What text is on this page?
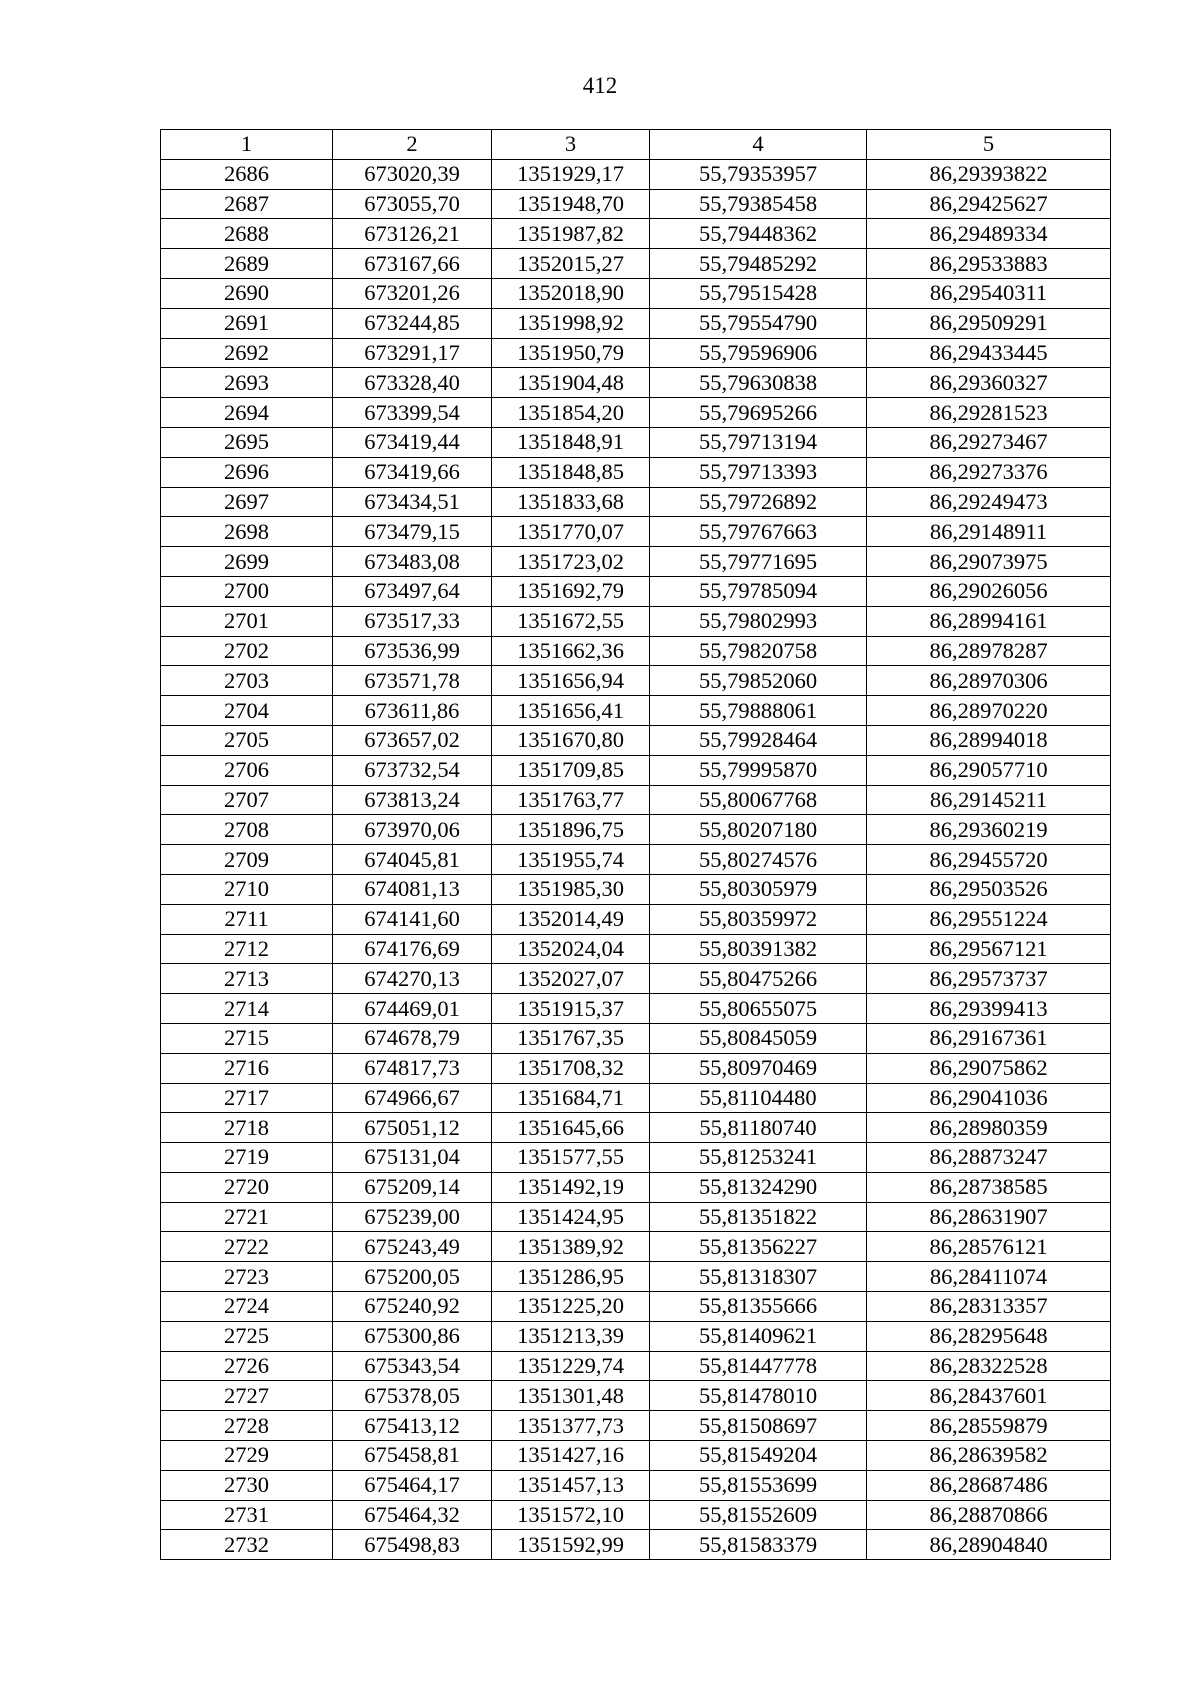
412
1	2	3	4	5
2686	673020,39	1351929,17	55,79353957	86,29393822
2687	673055,70	1351948,70	55,79385458	86,29425627
2688	673126,21	1351987,82	55,79448362	86,29489334
2689	673167,66	1352015,27	55,79485292	86,29533883
2690	673201,26	1352018,90	55,79515428	86,29540311
2691	673244,85	1351998,92	55,79554790	86,29509291
2692	673291,17	1351950,79	55,79596906	86,29433445
2693	673328,40	1351904,48	55,79630838	86,29360327
2694	673399,54	1351854,20	55,79695266	86,29281523
2695	673419,44	1351848,91	55,79713194	86,29273467
2696	673419,66	1351848,85	55,79713393	86,29273376
2697	673434,51	1351833,68	55,79726892	86,29249473
2698	673479,15	1351770,07	55,79767663	86,29148911
2699	673483,08	1351723,02	55,79771695	86,29073975
2700	673497,64	1351692,79	55,79785094	86,29026056
2701	673517,33	1351672,55	55,79802993	86,28994161
2702	673536,99	1351662,36	55,79820758	86,28978287
2703	673571,78	1351656,94	55,79852060	86,28970306
2704	673611,86	1351656,41	55,79888061	86,28970220
2705	673657,02	1351670,80	55,79928464	86,28994018
2706	673732,54	1351709,85	55,79995870	86,29057710
2707	673813,24	1351763,77	55,80067768	86,29145211
2708	673970,06	1351896,75	55,80207180	86,29360219
2709	674045,81	1351955,74	55,80274576	86,29455720
2710	674081,13	1351985,30	55,80305979	86,29503526
2711	674141,60	1352014,49	55,80359972	86,29551224
2712	674176,69	1352024,04	55,80391382	86,29567121
2713	674270,13	1352027,07	55,80475266	86,29573737
2714	674469,01	1351915,37	55,80655075	86,29399413
2715	674678,79	1351767,35	55,80845059	86,29167361
2716	674817,73	1351708,32	55,80970469	86,29075862
2717	674966,67	1351684,71	55,81104480	86,29041036
2718	675051,12	1351645,66	55,81180740	86,28980359
2719	675131,04	1351577,55	55,81253241	86,28873247
2720	675209,14	1351492,19	55,81324290	86,28738585
2721	675239,00	1351424,95	55,81351822	86,28631907
2722	675243,49	1351389,92	55,81356227	86,28576121
2723	675200,05	1351286,95	55,81318307	86,28411074
2724	675240,92	1351225,20	55,81355666	86,28313357
2725	675300,86	1351213,39	55,81409621	86,28295648
2726	675343,54	1351229,74	55,81447778	86,28322528
2727	675378,05	1351301,48	55,81478010	86,28437601
2728	675413,12	1351377,73	55,81508697	86,28559879
2729	675458,81	1351427,16	55,81549204	86,28639582
2730	675464,17	1351457,13	55,81553699	86,28687486
2731	675464,32	1351572,10	55,81552609	86,28870866
2732	675498,83	1351592,99	55,81583379	86,28904840
